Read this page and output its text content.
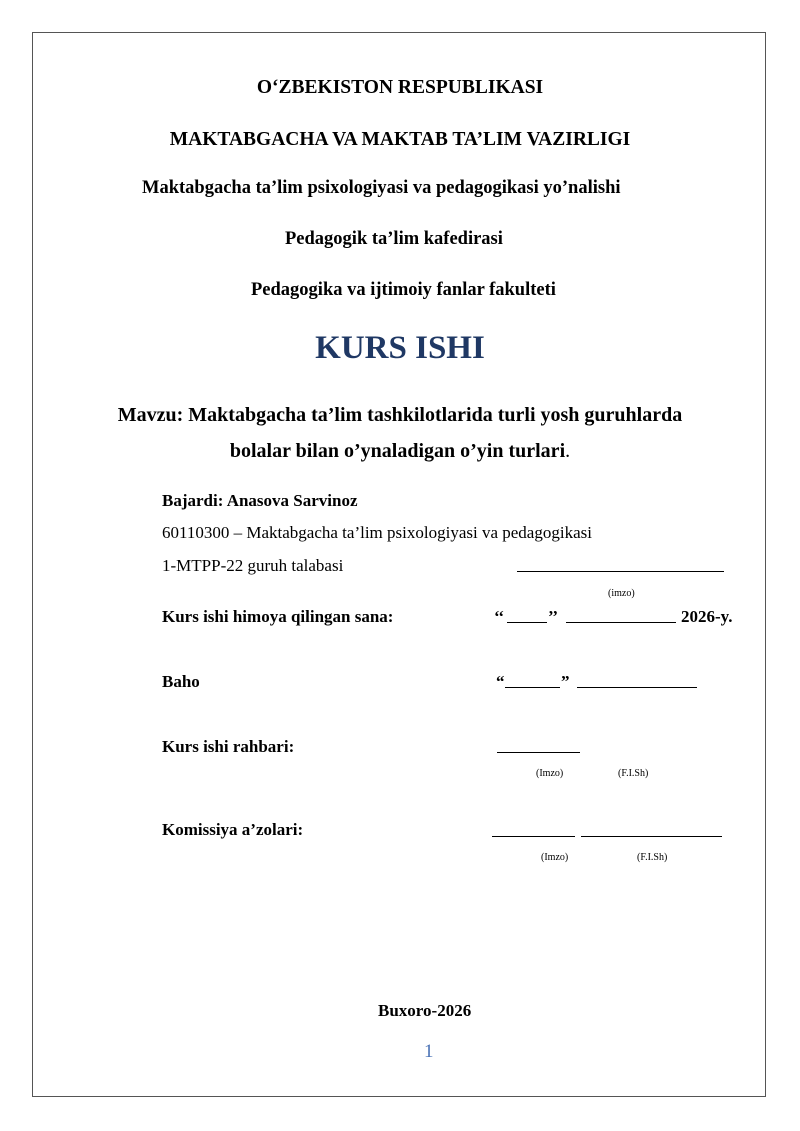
O‘ZBEKISTON RESPUBLIKASI
MAKTABGACHA VA MAKTAB TA’LIM VAZIRLIGI
Maktabgacha ta’lim psixologiyasi va pedagogikasi yo’nalishi
Pedagogik ta’lim kafedirasi
Pedagogika va ijtimoiy fanlar fakulteti
KURS ISHI
Mavzu: Maktabgacha ta’lim tashkilotlarida turli yosh guruhlarda
bolalar bilan o’ynaladigan o’yin turlari.
Bajardi: Anasova Sarvinoz
60110300 – Maktabgacha ta’lim psixologiyasi va pedagogikasi
1-MTPP-22 guruh talabasi
(imzo)
Kurs ishi himoya qilingan sana:	‘‘	’’	2026-y.
Baho	“	”
Kurs ishi rahbari:
(Imzo)	(F.I.Sh)
Komissiya a’zolari:
(Imzo)	(F.I.Sh)
Buxoro-2026
1
